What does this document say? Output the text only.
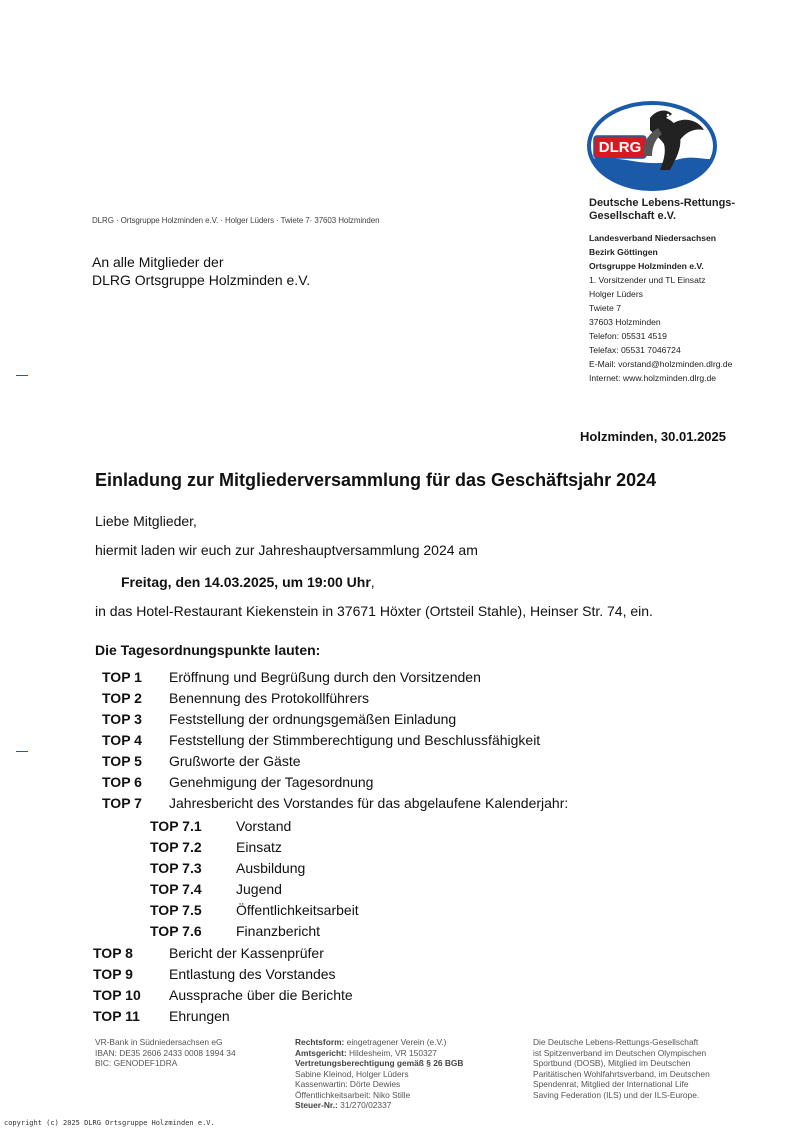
DLRG · Ortsgruppe Holzminden e.V. · Holger Lüders · Twiete 7· 37603 Holzminden
An alle Mitglieder der
DLRG Ortsgruppe Holzminden e.V.
DLRG
Deutsche Lebens-Rettungs-
Gesellschaft e.V.
Landesverband Niedersachsen
Bezirk Göttingen
Ortsgruppe Holzminden e.V.
1. Vorsitzender und TL Einsatz
Holger Lüders
Twiete 7
37603 Holzminden
Telefon: 05531 4519
Telefax: 05531 7046724
E-Mail: vorstand@holzminden.dlrg.de
Internet: www.holzminden.dlrg.de
Holzminden, 30.01.2025
Einladung zur Mitgliederversammlung für das Geschäftsjahr 2024
Liebe Mitglieder,
hiermit laden wir euch zur Jahreshauptversammlung 2024 am
Freitag, den 14.03.2025, um 19:00 Uhr,
in das Hotel-Restaurant Kiekenstein in 37671 Höxter (Ortsteil Stahle), Heinser Str. 74, ein.
Die Tagesordnungspunkte lauten:
TOP 1	Eröffnung und Begrüßung durch den Vorsitzenden
TOP 2	Benennung des Protokollführers
TOP 3	Feststellung der ordnungsgemäßen Einladung
TOP 4	Feststellung der Stimmberechtigung und Beschlussfähigkeit
TOP 5	Grußworte der Gäste
TOP 6	Genehmigung der Tagesordnung
TOP 7	Jahresbericht des Vorstandes für das abgelaufene Kalenderjahr:
TOP 7.1	Vorstand
TOP 7.2	Einsatz
TOP 7.3	Ausbildung
TOP 7.4	Jugend
TOP 7.5	Öffentlichkeitsarbeit
TOP 7.6	Finanzbericht
TOP 8	Bericht der Kassenprüfer
TOP 9	Entlastung des Vorstandes
TOP 10	Aussprache über die Berichte
TOP 11	Ehrungen
VR-Bank in Südniedersachsen eG
IBAN: DE35 2606 2433 0008 1994 34
BIC: GENODEF1DRA
Rechtsform: eingetragener Verein (e.V.)
Amtsgericht: Hildesheim, VR 150327
Vertretungsberechtigung gemäß § 26 BGB
Sabine Kleinod, Holger Lüders
Kassenwartin: Dörte Dewies
Öffentlichkeitsarbeit: Niko Stille
Steuer-Nr.: 31/270/02337
Die Deutsche Lebens-Rettungs-Gesellschaft
ist Spitzenverband im Deutschen Olympischen
Sportbund (DOSB), Mitglied im Deutschen
Paritätischen Wohlfahrtsverband, im Deutschen
Spendenrat, Mitglied der International Life
Saving Federation (ILS) und der ILS-Europe.
copyright (c) 2025 DLRG Ortsgruppe Holzminden e.V.
